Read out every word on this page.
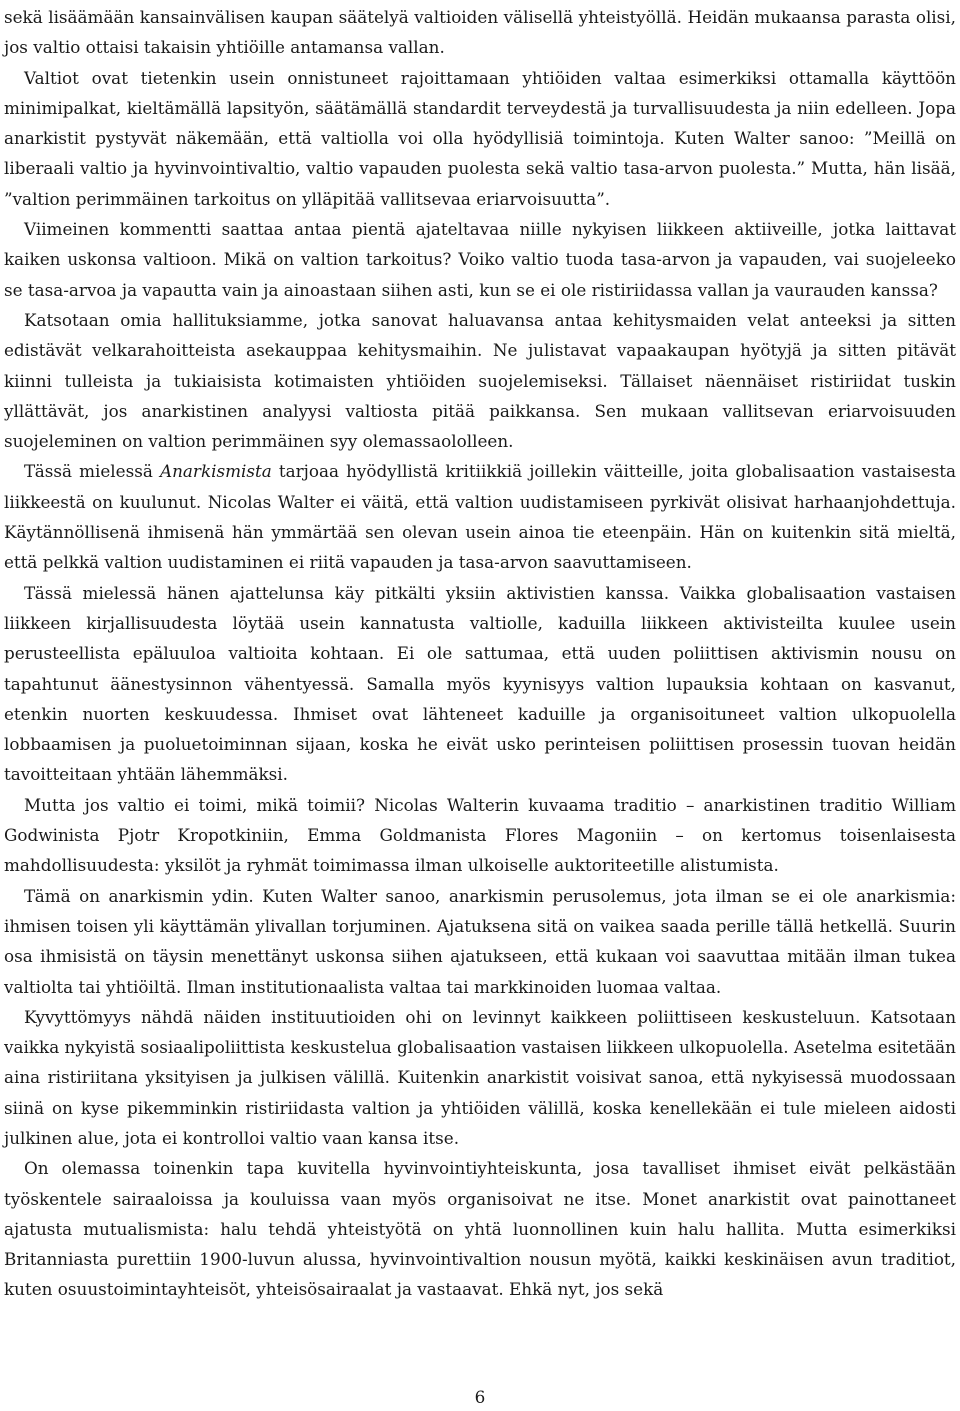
sekä lisäämään kansainvälisen kaupan säätelyä valtioiden välisellä yhteistyöllä. Heidän mukaansa parasta olisi, jos valtio ottaisi takaisin yhtiöille antamansa vallan.

Valtiot ovat tietenkin usein onnistuneet rajoittamaan yhtiöiden valtaa esimerkiksi ottamalla käyttöön minimipalkat, kieltämällä lapsityön, säätämällä standardit terveydestä ja turvallisuudesta ja niin edelleen. Jopa anarkistit pystyvät näkemään, että valtiolla voi olla hyödyllisiä toimintoja. Kuten Walter sanoo: ”Meillä on liberaali valtio ja hyvinvointivaltio, valtio vapauden puolesta sekä valtio tasa-arvon puolesta.” Mutta, hän lisää, ”valtion perimmäinen tarkoitus on ylläpitää vallitsevaa eriarvoisuutta”.

Viimeinen kommentti saattaa antaa pientä ajateltavaa niille nykyisen liikkeen aktiiveille, jotka laittavat kaiken uskonsa valtioon. Mikä on valtion tarkoitus? Voiko valtio tuoda tasa-arvon ja vapauden, vai suojeleeko se tasa-arvoa ja vapautta vain ja ainoastaan siihen asti, kun se ei ole ristiriidassa vallan ja vaurauden kanssa?

Katsotaan omia hallituksiamme, jotka sanovat haluavansa antaa kehitysmaiden velat anteeksi ja sitten edistävät velkarahoitteista asekauppaa kehitysmaihin. Ne julistavat vapaakaupan hyötyjä ja sitten pitävät kiinni tulleista ja tukiaisista kotimaisten yhtiöiden suojelemiseksi. Tällaiset näennäiset ristiriidat tuskin yllättävät, jos anarkistinen analyysi valtiosta pitää paikkansa. Sen mukaan vallitsevan eriarvoisuuden suojeleminen on valtion perimmäinen syy olemassaololleen.

Tässä mielessä Anarkismista tarjoaa hyödyllistä kritiikkiä joillekin väitteille, joita globalisaation vastaisesta liikkeestä on kuulunut. Nicolas Walter ei väitä, että valtion uudistamiseen pyrkivät olisivat harhaanjohdettuja. Käytännöllisenä ihmisenä hän ymmärtää sen olevan usein ainoa tie eteenpäin. Hän on kuitenkin sitä mieltä, että pelkkä valtion uudistaminen ei riitä vapauden ja tasa-arvon saavuttamiseen.

Tässä mielessä hänen ajattelunsa käy pitkälti yksiin aktivistien kanssa. Vaikka globalisaation vastaisen liikkeen kirjallisuudesta löytää usein kannatusta valtiolle, kaduilla liikkeen aktivisteilta kuulee usein perusteellista epäluuloa valtioita kohtaan. Ei ole sattumaa, että uuden poliittisen aktivismin nousu on tapahtunut äänestysinnon vähentyessä. Samalla myös kyynisyys valtion lupauksia kohtaan on kasvanut, etenkin nuorten keskuudessa. Ihmiset ovat lähteneet kaduille ja organisoituneet valtion ulkopuolella lobbaamisen ja puoluetoiminnan sijaan, koska he eivät usko perinteisen poliittisen prosessin tuovan heidän tavoitteitaan yhtään lähemmäksi.

Mutta jos valtio ei toimi, mikä toimii? Nicolas Walterin kuvaama traditio – anarkistinen traditio William Godwinista Pjotr Kropotkiniin, Emma Goldmanista Flores Magoniin – on kertomus toisenlaisesta mahdollisuudesta: yksilöt ja ryhmät toimimassa ilman ulkoiselle auktoriteetille alistumista.

Tämä on anarkismin ydin. Kuten Walter sanoo, anarkismin perusolemus, jota ilman se ei ole anarkismia: ihmisen toisen yli käyttämän ylivallan torjuminen. Ajatuksena sitä on vaikea saada perille tällä hetkellä. Suurin osa ihmisistä on täysin menettänyt uskonsa siihen ajatukseen, että kukaan voi saavuttaa mitään ilman tukea valtiolta tai yhtiöiltä. Ilman institutionaalista valtaa tai markkinoiden luomaa valtaa.

Kyvyttömyys nähdä näiden instituutioiden ohi on levinnyt kaikkeen poliittiseen keskusteluun. Katsotaan vaikka nykyistä sosiaalipoliittista keskustelua globalisaation vastaisen liikkeen ulkopuolella. Asetelma esitetään aina ristiriitana yksityisen ja julkisen välillä. Kuitenkin anarkistit voisivat sanoa, että nykyisessä muodossaan siinä on kyse pikemminkin ristiriidasta valtion ja yhtiöiden välillä, koska kenellekään ei tule mieleen aidosti julkinen alue, jota ei kontrolloi valtio vaan kansa itse.

On olemassa toinenkin tapa kuvitella hyvinvointiyhteiskunta, josa tavalliset ihmiset eivät pelkästään työskentele sairaaloissa ja kouluissa vaan myös organisoivat ne itse. Monet anarkistit ovat painottaneet ajatusta mutualismista: halu tehdä yhteistyötä on yhtä luonnollinen kuin halu hallita. Mutta esimerkiksi Britanniasta purettiin 1900-luvun alussa, hyvinvointivaltion nousun myötä, kaikki keskinäisen avun traditiot, kuten osuustoimintayhteisöt, yhteisösairaalat ja vastaavat. Ehkä nyt, jos sekä

6
